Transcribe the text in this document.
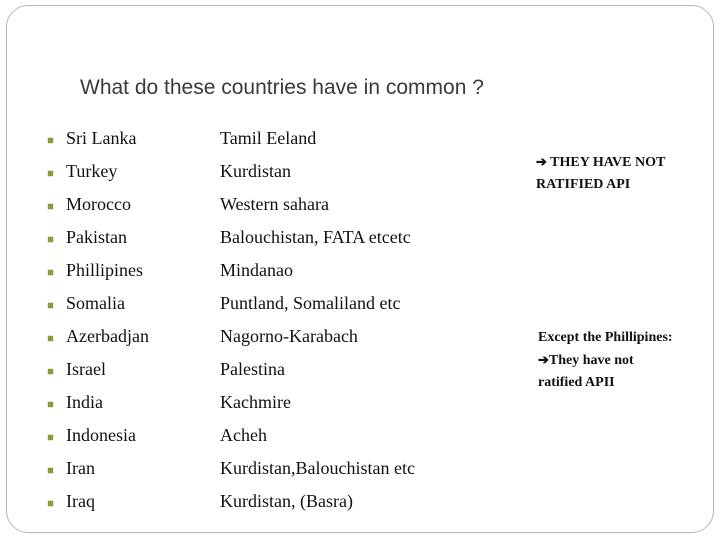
What do these countries have in common ?
Sri Lanka	Tamil Eeland
Turkey	Kurdistan
Morocco	Western sahara
Pakistan	Balouchistan, FATA etcetc
Phillipines	Mindanao
Somalia	Puntland, Somaliland etc
Azerbadjan	Nagorno-Karabach
Israel	Palestina
India	Kachmire
Indonesia	Acheh
Iran	Kurdistan,Balouchistan etc
Iraq	Kurdistan, (Basra)
➔ THEY HAVE NOT
RATIFIED API
Except the Phillipines:
➔They have not
ratified APII
